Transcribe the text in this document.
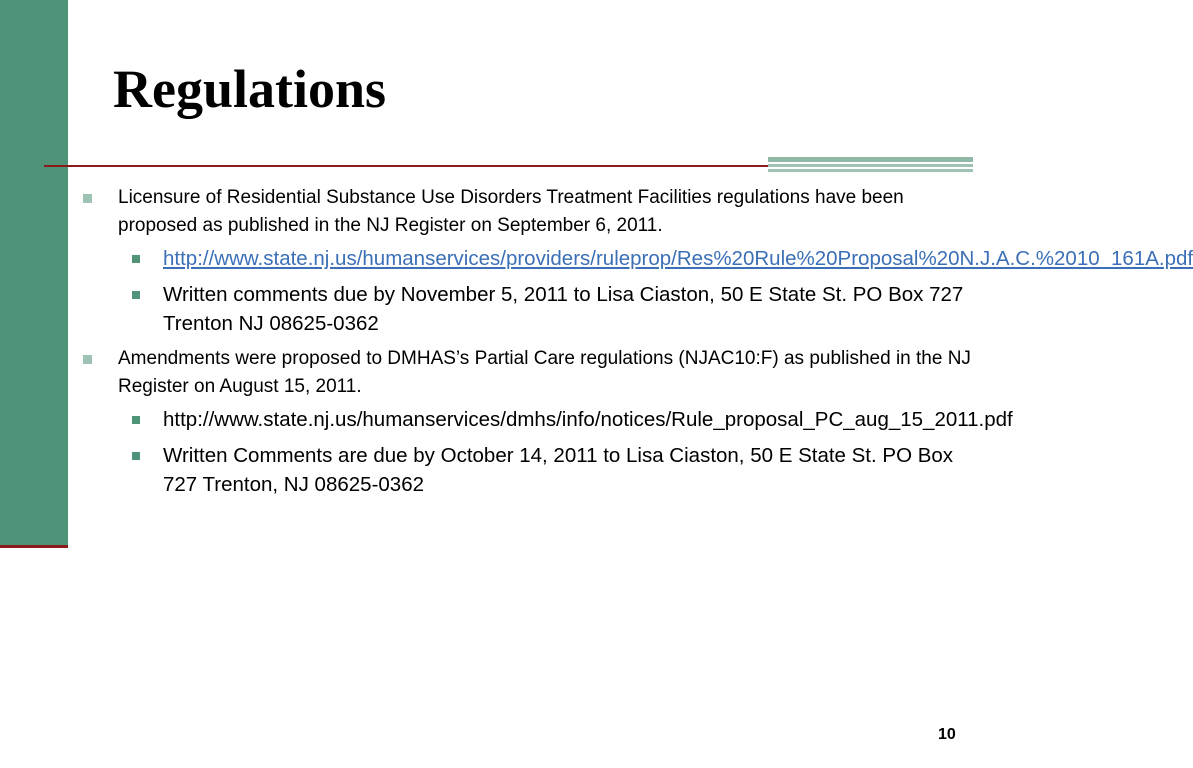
Regulations
Licensure of Residential Substance Use Disorders Treatment Facilities regulations have been proposed as published in the NJ Register on September 6, 2011.
http://www.state.nj.us/humanservices/providers/ruleprop/Res%20Rule%20Proposal%20N.J.A.C.%2010_161A.pdf
Written comments due by November 5, 2011 to Lisa Ciaston, 50 E State St. PO Box 727 Trenton NJ 08625-0362
Amendments were proposed to DMHAS’s Partial Care regulations (NJAC10:F) as published in the NJ Register on August 15, 2011.
http://www.state.nj.us/humanservices/dmhs/info/notices/Rule_proposal_PC_aug_15_2011.pdf
Written Comments are due by October 14, 2011 to Lisa Ciaston, 50 E State St. PO Box 727 Trenton, NJ 08625-0362
10
